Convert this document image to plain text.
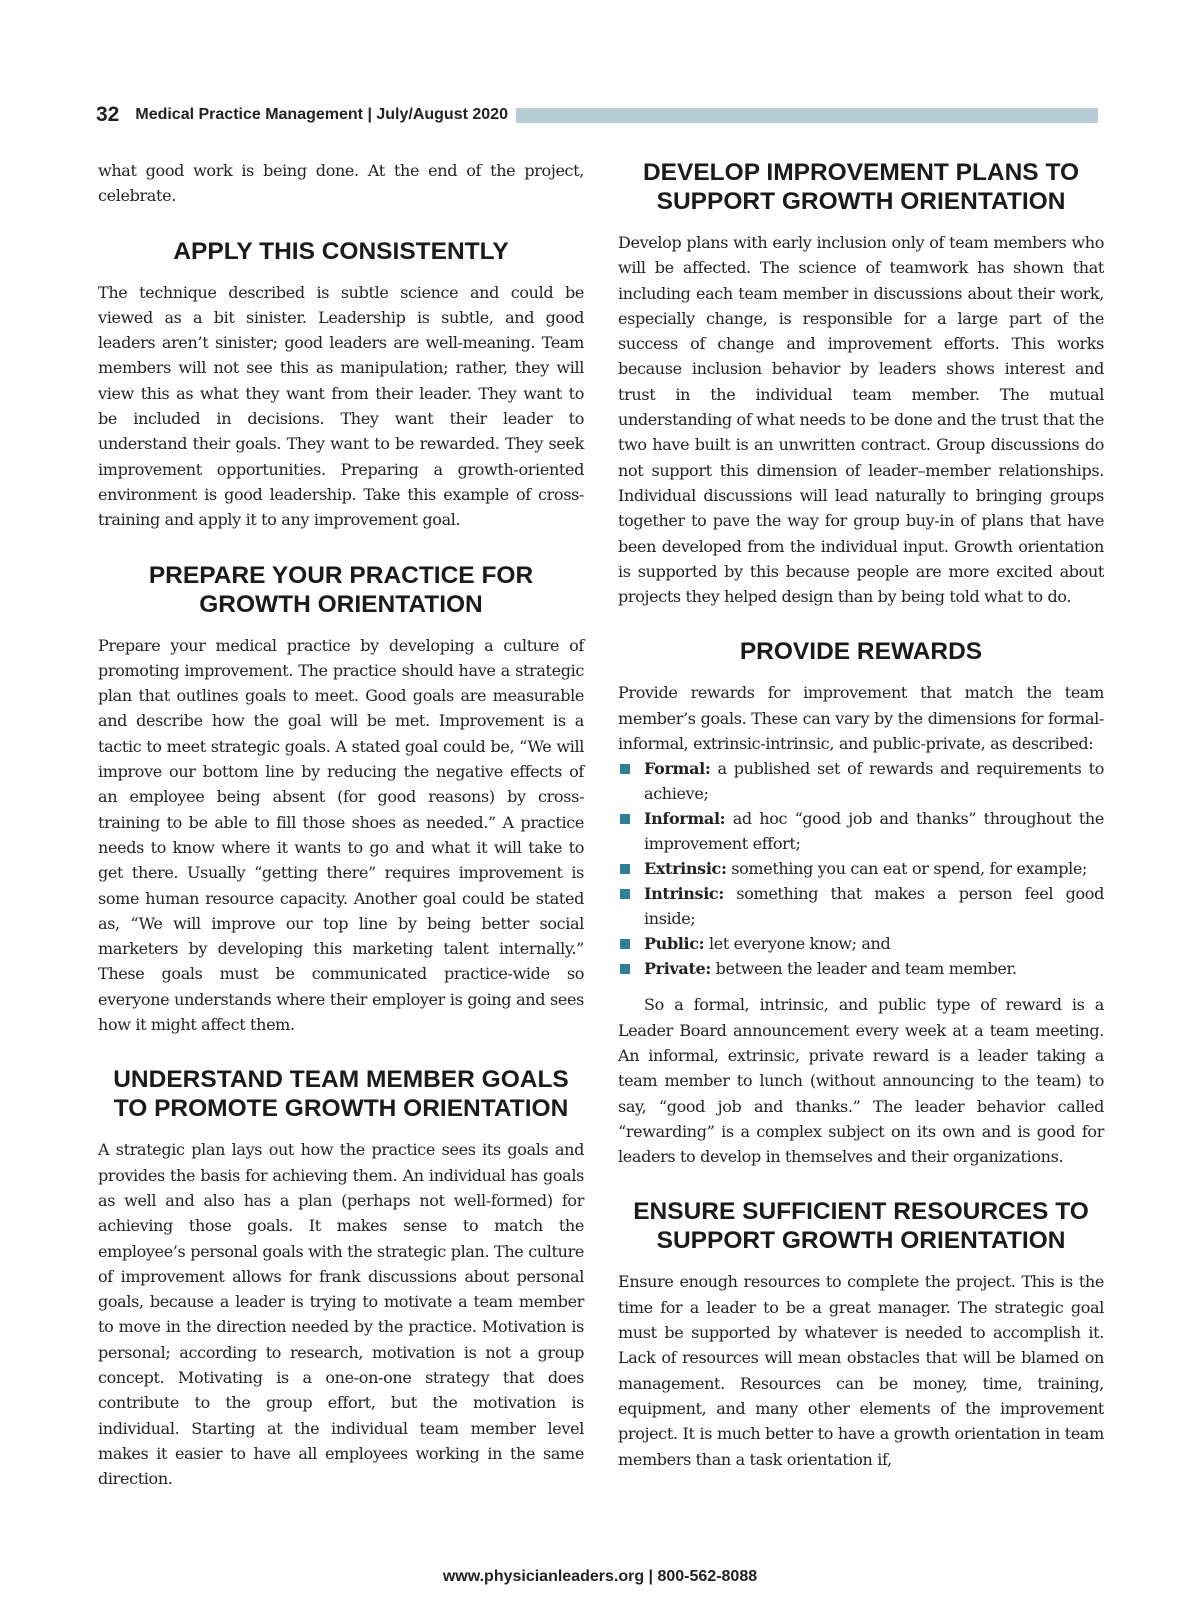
32 Medical Practice Management | July/August 2020

what good work is being done. At the end of the project, celebrate.

APPLY THIS CONSISTENTLY

The technique described is subtle science and could be viewed as a bit sinister. Leadership is subtle, and good leaders aren’t sinister; good leaders are well-meaning. Team members will not see this as manipulation; rather, they will view this as what they want from their leader. They want to be included in decisions. They want their leader to understand their goals. They want to be rewarded. They seek improvement opportunities. Preparing a growth-oriented environment is good leadership. Take this example of cross-training and apply it to any improvement goal.

PREPARE YOUR PRACTICE FOR
GROWTH ORIENTATION

Prepare your medical practice by developing a culture of promoting improvement. The practice should have a strategic plan that outlines goals to meet. Good goals are measurable and describe how the goal will be met. Improvement is a tactic to meet strategic goals. A stated goal could be, “We will improve our bottom line by reducing the negative effects of an employee being absent (for good reasons) by cross-training to be able to fill those shoes as needed.” A practice needs to know where it wants to go and what it will take to get there. Usually “getting there” requires improvement is some human resource capacity. Another goal could be stated as, “We will improve our top line by being better social marketers by developing this marketing talent internally.” These goals must be communicated practice-wide so everyone understands where their employer is going and sees how it might affect them.

UNDERSTAND TEAM MEMBER GOALS
TO PROMOTE GROWTH ORIENTATION

A strategic plan lays out how the practice sees its goals and provides the basis for achieving them. An individual has goals as well and also has a plan (perhaps not well-formed) for achieving those goals. It makes sense to match the employee’s personal goals with the strategic plan. The culture of improvement allows for frank discussions about personal goals, because a leader is trying to motivate a team member to move in the direction needed by the practice. Motivation is personal; according to research, motivation is not a group concept. Motivating is a one-on-one strategy that does contribute to the group effort, but the motivation is individual. Starting at the individual team member level makes it easier to have all employees working in the same direction.

DEVELOP IMPROVEMENT PLANS TO
SUPPORT GROWTH ORIENTATION

Develop plans with early inclusion only of team members who will be affected. The science of teamwork has shown that including each team member in discussions about their work, especially change, is responsible for a large part of the success of change and improvement efforts. This works because inclusion behavior by leaders shows interest and trust in the individual team member. The mutual understanding of what needs to be done and the trust that the two have built is an unwritten contract. Group discussions do not support this dimension of leader–member relationships. Individual discussions will lead naturally to bringing groups together to pave the way for group buy-in of plans that have been developed from the individual input. Growth orientation is supported by this because people are more excited about projects they helped design than by being told what to do.

PROVIDE REWARDS

Provide rewards for improvement that match the team member’s goals. These can vary by the dimensions for formal-informal, extrinsic-intrinsic, and public-private, as described:

Formal: a published set of rewards and requirements to achieve;
Informal: ad hoc “good job and thanks” throughout the improvement effort;
Extrinsic: something you can eat or spend, for example;
Intrinsic: something that makes a person feel good inside;
Public: let everyone know; and
Private: between the leader and team member.

So a formal, intrinsic, and public type of reward is a Leader Board announcement every week at a team meeting. An informal, extrinsic, private reward is a leader taking a team member to lunch (without announcing to the team) to say, “good job and thanks.” The leader behavior called “rewarding” is a complex subject on its own and is good for leaders to develop in themselves and their organizations.

ENSURE SUFFICIENT RESOURCES TO
SUPPORT GROWTH ORIENTATION

Ensure enough resources to complete the project. This is the time for a leader to be a great manager. The strategic goal must be supported by whatever is needed to accomplish it. Lack of resources will mean obstacles that will be blamed on management. Resources can be money, time, training, equipment, and many other elements of the improvement project. It is much better to have a growth orientation in team members than a task orientation if,

www.physicianleaders.org | 800-562-8088
